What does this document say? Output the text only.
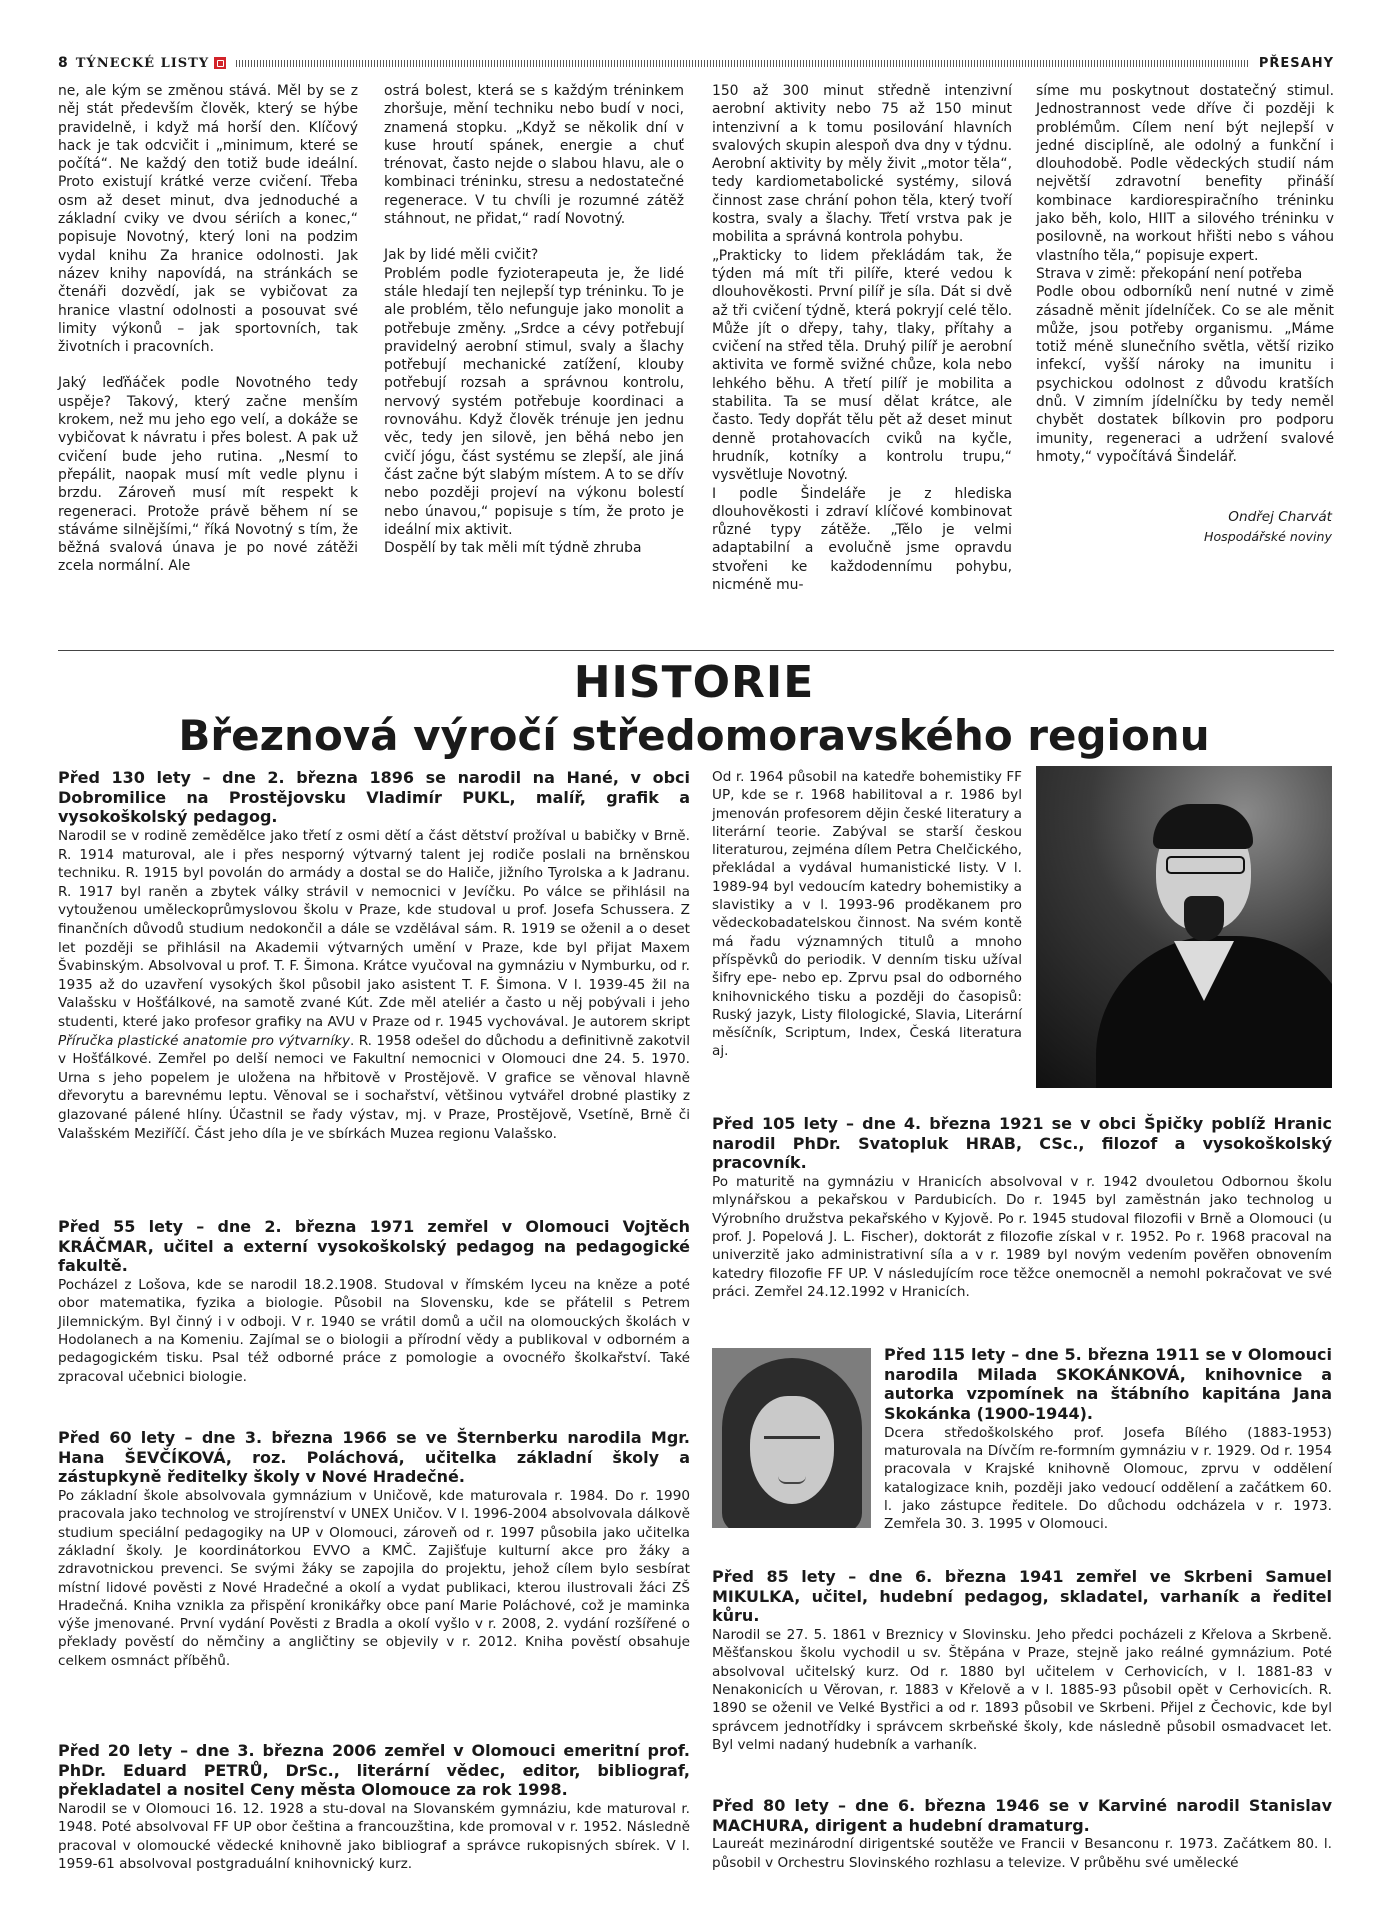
8 TÝNECKÉ LISTY	PŘESAHY

ne, ale kým se změnou stává. Měl by se z něj stát především člověk, který se hýbe pravidelně, i když má horší den. Klíčový hack je tak odcvičit i „minimum, které se počítá“. Ne každý den totiž bude ideální. Proto existují krátké verze cvičení. Třeba osm až deset minut, dva jednoduché a základní cviky ve dvou sériích a konec,“ popisuje Novotný, který loni na podzim vydal knihu Za hranice odolnosti. Jak název knihy napovídá, na stránkách se čtenáři dozvědí, jak se vybičovat za hranice vlastní odolnosti a posouvat své limity výkonů – jak sportovních, tak životních i pracovních.

Jaký leďňáček podle Novotného tedy uspěje? Takový, který začne menším krokem, než mu jeho ego velí, a dokáže se vybičovat k návratu i přes bolest. A pak už cvičení bude jeho rutina. „Nesmí to přepálit, naopak musí mít vedle plynu i brzdu. Zároveň musí mít respekt k regeneraci. Protože právě během ní se stáváme silnějšími,“ říká Novotný s tím, že běžná svalová únava je po nové zátěži zcela normální. Ale

ostrá bolest, která se s každým tréninkem zhoršuje, mění techniku nebo budí v noci, znamená stopku. „Když se několik dní v kuse hroutí spánek, energie a chuť trénovat, často nejde o slabou hlavu, ale o kombinaci tréninku, stresu a nedostatečné regenerace. V tu chvíli je rozumné zátěž stáhnout, ne přidat,“ radí Novotný.

Jak by lidé měli cvičit?

Problém podle fyzioterapeuta je, že lidé stále hledají ten nejlepší typ tréninku. To je ale problém, tělo nefunguje jako monolit a potřebuje změny. „Srdce a cévy potřebují pravidelný aerobní stimul, svaly a šlachy potřebují mechanické zatížení, klouby potřebují rozsah a správnou kontrolu, nervový systém potřebuje koordinaci a rovnováhu. Když člověk trénuje jen jednu věc, tedy jen silově, jen běhá nebo jen cvičí jógu, část systému se zlepší, ale jiná část začne být slabým místem. A to se dřív nebo později projeví na výkonu bolestí nebo únavou,“ popisuje s tím, že proto je ideální mix aktivit.

Dospělí by tak měli mít týdně zhruba

150 až 300 minut středně intenzivní aerobní aktivity nebo 75 až 150 minut intenzivní a k tomu posilování hlavních svalových skupin alespoň dva dny v týdnu. Aerobní aktivity by měly živit „motor těla“, tedy kardiometabolické systémy, silová činnost zase chrání pohon těla, který tvoří kostra, svaly a šlachy. Třetí vrstva pak je mobilita a správná kontrola pohybu.

„Prakticky to lidem překládám tak, že týden má mít tři pilíře, které vedou k dlouhověkosti. První pilíř je síla. Dát si dvě až tři cvičení týdně, která pokryjí celé tělo. Může jít o dřepy, tahy, tlaky, přítahy a cvičení na střed těla. Druhý pilíř je aerobní aktivita ve formě svižné chůze, kola nebo lehkého běhu. A třetí pilíř je mobilita a stabilita. Ta se musí dělat krátce, ale často. Tedy dopřát tělu pět až deset minut denně protahovacích cviků na kyčle, hrudník, kotníky a kontrolu trupu,“ vysvětluje Novotný.

I podle Šindeláře je z hlediska dlouhověkosti i zdraví klíčové kombinovat různé typy zátěže. „Tělo je velmi adaptabilní a evolučně jsme opravdu stvořeni ke každodennímu pohybu, nicméně mu-

síme mu poskytnout dostatečný stimul. Jednostrannost vede dříve či později k problémům. Cílem není být nejlepší v jedné disciplíně, ale odolný a funkční i dlouhodobě. Podle vědeckých studií nám největší zdravotní benefity přináší kombinace kardiorespiračního tréninku jako běh, kolo, HIIT a silového tréninku v posilovně, na workout hřišti nebo s váhou vlastního těla,“ popisuje expert.

Strava v zimě: překopání není potřeba

Podle obou odborníků není nutné v zimě zásadně měnit jídelníček. Co se ale měnit může, jsou potřeby organismu. „Máme totiž méně slunečního světla, větší riziko infekcí, vyšší nároky na imunitu i psychickou odolnost z důvodu kratších dnů. V zimním jídelníčku by tedy neměl chybět dostatek bílkovin pro podporu imunity, regeneraci a udržení svalové hmoty,“ vypočítává Šindelář.

Ondřej Charvát
Hospodářské noviny
HISTORIE
Březnová výročí středomoravského regionu
Před 130 lety – dne 2. března 1896 se narodil na Hané, v obci Dobromilice na Prostějovsku Vladimír PUKL, malíř, grafik a vysokoškolský pedagog.

Narodil se v rodině zemědělce jako třetí z osmi dětí a část dětství prožíval u babičky v Brně. R. 1914 maturoval, ale i přes nesporný výtvarný talent jej rodiče poslali na brněnskou techniku. R. 1915 byl povolán do armády a dostal se do Haliče, jižního Tyrolska a k Jadranu. R. 1917 byl raněn a zbytek války strávil v nemocnici v Jevíčku. Po válce se přihlásil na vytouženou uměleckoprůmyslovou školu v Praze, kde studoval u prof. Josefa Schussera. Z finančních důvodů studium nedokončil a dále se vzdělával sám. R. 1919 se oženil a o deset let později se přihlásil na Akademii výtvarných umění v Praze, kde byl přijat Maxem Švabinským. Absolvoval u prof. T. F. Šimona. Krátce vyučoval na gymnáziu v Nymburku, od r. 1935 až do uzavření vysokých škol působil jako asistent T. F. Šimona. V l. 1939-45 žil na Valašsku v Hošťálkové, na samotě zvané Kút. Zde měl ateliér a často u něj pobývali i jeho studenti, které jako profesor grafiky na AVU v Praze od r. 1945 vychovával. Je autorem skript Příručka plastické anatomie pro výtvarníky. R. 1958 odešel do důchodu a definitivně zakotvil v Hošťálkové. Zemřel po delší nemoci ve Fakultní nemocnici v Olomouci dne 24. 5. 1970. Urna s jeho popelem je uložena na hřbitově v Prostějově. V grafice se věnoval hlavně dřevorytu a barevnému leptu. Věnoval se i sochařství, většinou vytvářel drobné plastiky z glazované pálené hlíny. Účastnil se řady výstav, mj. v Praze, Prostějově, Vsetíně, Brně či Valašském Meziříčí. Část jeho díla je ve sbírkách Muzea regionu Valašsko.

Před 55 lety – dne 2. března 1971 zemřel v Olomouci Vojtěch KRÁČMAR, učitel a externí vysokoškolský pedagog na pedagogické fakultě.

Pocházel z Lošova, kde se narodil 18.2.1908. Studoval v římském lyceu na kněze a poté obor matematika, fyzika a biologie. Působil na Slovensku, kde se přátelil s Petrem Jilemnickým. Byl činný i v odboji. V r. 1940 se vrátil domů a učil na olomouckých školách v Hodolanech a na Komeniu. Zajímal se o biologii a přírodní vědy a publikoval v odborném a pedagogickém tisku. Psal též odborné práce z pomologie a ovocnéřo školkařství. Také zpracoval učebnici biologie.

Před 60 lety – dne 3. března 1966 se ve Šternberku narodila Mgr. Hana ŠEVČÍKOVÁ, roz. Poláchová, učitelka základní školy a zástupkyně ředitelky školy v Nové Hradečné.

Po základní škole absolvovala gymnázium v Uničově, kde maturovala r. 1984. Do r. 1990 pracovala jako technolog ve strojírenství v UNEX Uničov. V l. 1996-2004 absolvovala dálkově studium speciální pedagogiky na UP v Olomouci, zároveň od r. 1997 působila jako učitelka základní školy. Je koordinátorkou EVVO a KMČ. Zajišťuje kulturní akce pro žáky a zdravotnickou prevenci. Se svými žáky se zapojila do projektu, jehož cílem bylo sesbírat místní lidové pověsti z Nové Hradečné a okolí a vydat publikaci, kterou ilustrovali žáci ZŠ Hradečná. Kniha vznikla za přispění kronikářky obce paní Marie Poláchové, což je maminka výše jmenované. První vydání Pověsti z Bradla a okolí vyšlo v r. 2008, 2. vydání rozšířené o překlady pověstí do němčiny a angličtiny se objevily v r. 2012. Kniha pověstí obsahuje celkem osmnáct příběhů.

Před 20 lety – dne 3. března 2006 zemřel v Olomouci emeritní prof. PhDr. Eduard PETRŮ, DrSc., literární vědec, editor, bibliograf, překladatel a nositel Ceny města Olomouce za rok 1998.

Narodil se v Olomouci 16. 12. 1928 a stu-doval na Slovanském gymnáziu, kde maturoval r. 1948. Poté absolvoval FF UP obor čeština a francouzština, kde promoval v r. 1952. Následně pracoval v olomoucké vědecké knihovně jako bibliograf a správce rukopisných sbírek. V l. 1959-61 absolvoval postgraduální knihovnický kurz.

Od r. 1964 působil na katedře bohemistiky FF UP, kde se r. 1968 habilitoval a r. 1986 byl jmenován profesorem dějin české literatury a literární teorie. Zabýval se starší českou literaturou, zejména dílem Petra Chelčického, překládal a vydával humanistické listy. V l. 1989-94 byl vedoucím katedry bohemistiky a slavistiky a v l. 1993-96 proděkanem pro vědeckobadatelskou činnost. Na svém kontě má řadu významných titulů a mnoho příspěvků do periodik. V denním tisku užíval šifry epe- nebo ep. Zprvu psal do odborného knihovnického tisku a později do časopisů: Ruský jazyk, Listy filologické, Slavia, Literární měsíčník, Scriptum, Index, Česká literatura aj.

Před 105 lety – dne 4. března 1921 se v obci Špičky poblíž Hranic narodil PhDr. Svatopluk HRAB, CSc., filozof a vysokoškolský pracovník.

Po maturitě na gymnáziu v Hranicích absolvoval v r. 1942 dvouletou Odbornou školu mlynářskou a pekařskou v Pardubicích. Do r. 1945 byl zaměstnán jako technolog u Výrobního družstva pekařského v Kyjově. Po r. 1945 studoval filozofii v Brně a Olomouci (u prof. J. Popelová J. L. Fischer), doktorát z filozofie získal v r. 1952. Po r. 1968 pracoval na univerzitě jako administrativní síla a v r. 1989 byl novým vedením pověřen obnovením katedry filozofie FF UP. V následujícím roce těžce onemocněl a nemohl pokračovat ve své práci. Zemřel 24.12.1992 v Hranicích.

Před 115 lety – dne 5. března 1911 se v Olomouci narodila Milada SKOKÁNKOVÁ, knihovnice a autorka vzpomínek na štábního kapitána Jana Skokánka (1900-1944).

Dcera středoškolského prof. Josefa Bílého (1883-1953) maturovala na Dívčím re-formním gymnáziu v r. 1929. Od r. 1954 pracovala v Krajské knihovně Olomouc, zprvu v oddělení katalogizace knih, později jako vedoucí oddělení a začátkem 60. l. jako zástupce ředitele. Do důchodu odcházela v r. 1973. Zemřela 30. 3. 1995 v Olomouci.

Před 85 lety – dne 6. března 1941 zemřel ve Skrbeni Samuel MIKULKA, učitel, hudební pedagog, skladatel, varhaník a ředitel kůru.

Narodil se 27. 5. 1861 v Breznicy v Slovinsku. Jeho předci pocházeli z Křelova a Skrbeně. Měšťanskou školu vychodil u sv. Štěpána v Praze, stejně jako reálné gymnázium. Poté absolvoval učitelský kurz. Od r. 1880 byl učitelem v Cerhovicích, v l. 1881-83 v Nenakonicích u Věrovan, r. 1883 v Křelově a v l. 1885-93 působil opět v Cerhovicích. R. 1890 se oženil ve Velké Bystřici a od r. 1893 působil ve Skrbeni. Přijel z Čechovic, kde byl správcem jednotřídky i správcem skrbeňské školy, kde následně působil osmadvacet let. Byl velmi nadaný hudebník a varhaník.

Před 80 lety – dne 6. března 1946 se v Karviné narodil Stanislav MACHURA, dirigent a hudební dramaturg.

Laureát mezinárodní dirigentské soutěže ve Francii v Besanconu r. 1973. Začátkem 80. l. působil v Orchestru Slovinského rozhlasu a televize. V průběhu své umělecké
